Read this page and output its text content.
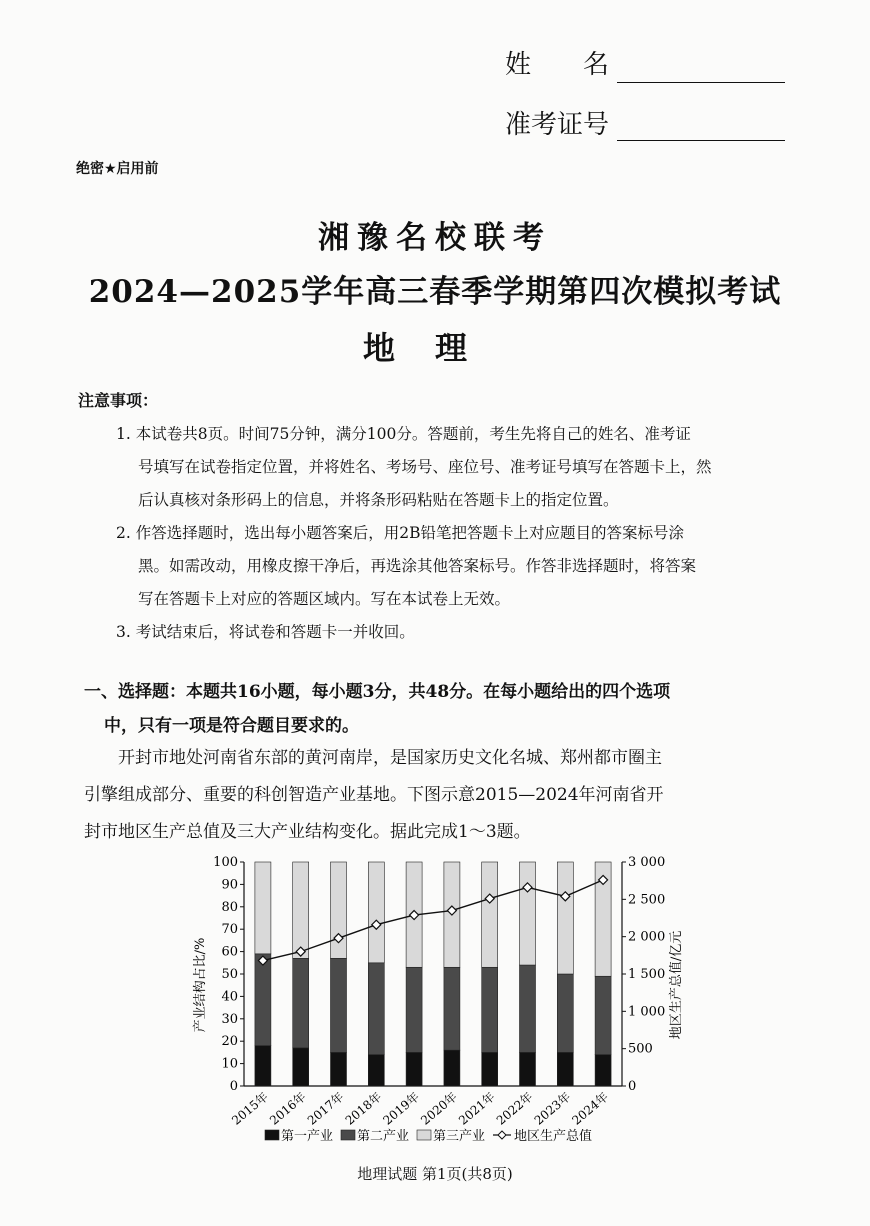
姓　　名
准考证号
绝密★启用前
湘豫名校联考
2024—2025学年高三春季学期第四次模拟考试
地理
注意事项：
1. 本试卷共8页。时间75分钟，满分100分。答题前，考生先将自己的姓名、准考证
号填写在试卷指定位置，并将姓名、考场号、座位号、准考证号填写在答题卡上，然
后认真核对条形码上的信息，并将条形码粘贴在答题卡上的指定位置。
2. 作答选择题时，选出每小题答案后，用2B铅笔把答题卡上对应题目的答案标号涂
黑。如需改动，用橡皮擦干净后，再选涂其他答案标号。作答非选择题时，将答案
写在答题卡上对应的答题区域内。写在本试卷上无效。
3. 考试结束后，将试卷和答题卡一并收回。
一、选择题：本题共16小题，每小题3分，共48分。在每小题给出的四个选项
中，只有一项是符合题目要求的。
开封市地处河南省东部的黄河南岸，是国家历史文化名城、郑州都市圈主
引擎组成部分、重要的科创智造产业基地。下图示意2015—2024年河南省开
封市地区生产总值及三大产业结构变化。据此完成1～3题。
0
10
20
30
40
50
60
70
80
90
100
0
500
1 000
1 500
2 000
2 500
3 000
2015年
2016年
2017年
2018年
2019年
2020年
2021年
2022年
2023年
2024年
产业结构占比/%	地区生产总值/亿元
第一产业 第二产业 第三产业 地区生产总值
地理试题 第1页(共8页)
